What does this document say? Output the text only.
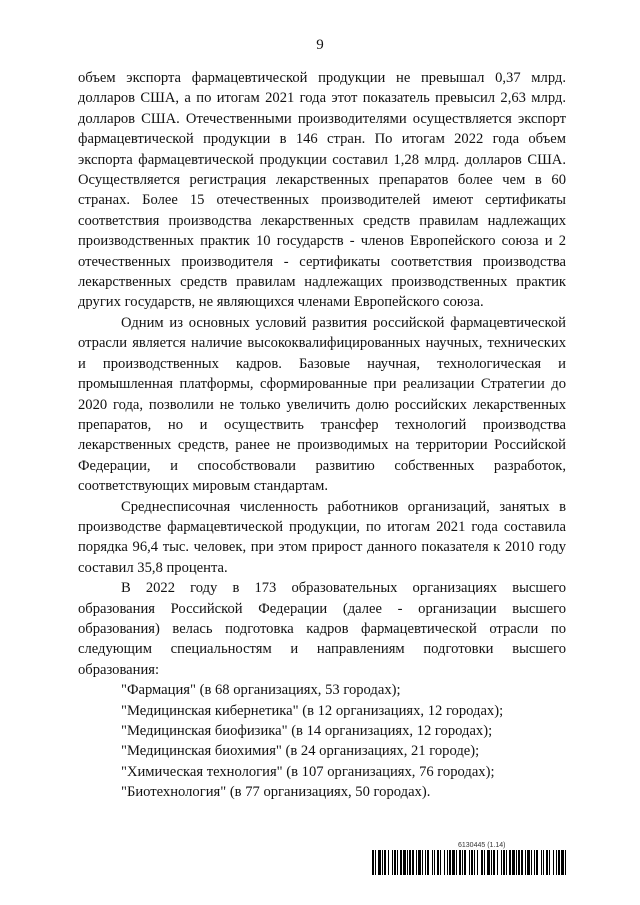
9

объем экспорта фармацевтической продукции не превышал 0,37 млрд. долларов США, а по итогам 2021 года этот показатель превысил 2,63 млрд. долларов США. Отечественными производителями осуществляется экспорт фармацевтической продукции в 146 стран. По итогам 2022 года объем экспорта фармацевтической продукции составил 1,28 млрд. долларов США. Осуществляется регистрация лекарственных препаратов более чем в 60 странах. Более 15 отечественных производителей имеют сертификаты соответствия производства лекарственных средств правилам надлежащих производственных практик 10 государств - членов Европейского союза и 2 отечественных производителя - сертификаты соответствия производства лекарственных средств правилам надлежащих производственных практик других государств, не являющихся членами Европейского союза.

Одним из основных условий развития российской фармацевтической отрасли является наличие высококвалифицированных научных, технических и производственных кадров. Базовые научная, технологическая и промышленная платформы, сформированные при реализации Стратегии до 2020 года, позволили не только увеличить долю российских лекарственных препаратов, но и осуществить трансфер технологий производства лекарственных средств, ранее не производимых на территории Российской Федерации, и способствовали развитию собственных разработок, соответствующих мировым стандартам.

Среднесписочная численность работников организаций, занятых в производстве фармацевтической продукции, по итогам 2021 года составила порядка 96,4 тыс. человек, при этом прирост данного показателя к 2010 году составил 35,8 процента.

В 2022 году в 173 образовательных организациях высшего образования Российской Федерации (далее - организации высшего образования) велась подготовка кадров фармацевтической отрасли по следующим специальностям и направлениям подготовки высшего образования:

"Фармация" (в 68 организациях, 53 городах);
"Медицинская кибернетика" (в 12 организациях, 12 городах);
"Медицинская биофизика" (в 14 организациях, 12 городах);
"Медицинская биохимия" (в 24 организациях, 21 городе);
"Химическая технология" (в 107 организациях, 76 городах);
"Биотехнология" (в 77 организациях, 50 городах).
6130445 (1.14)
